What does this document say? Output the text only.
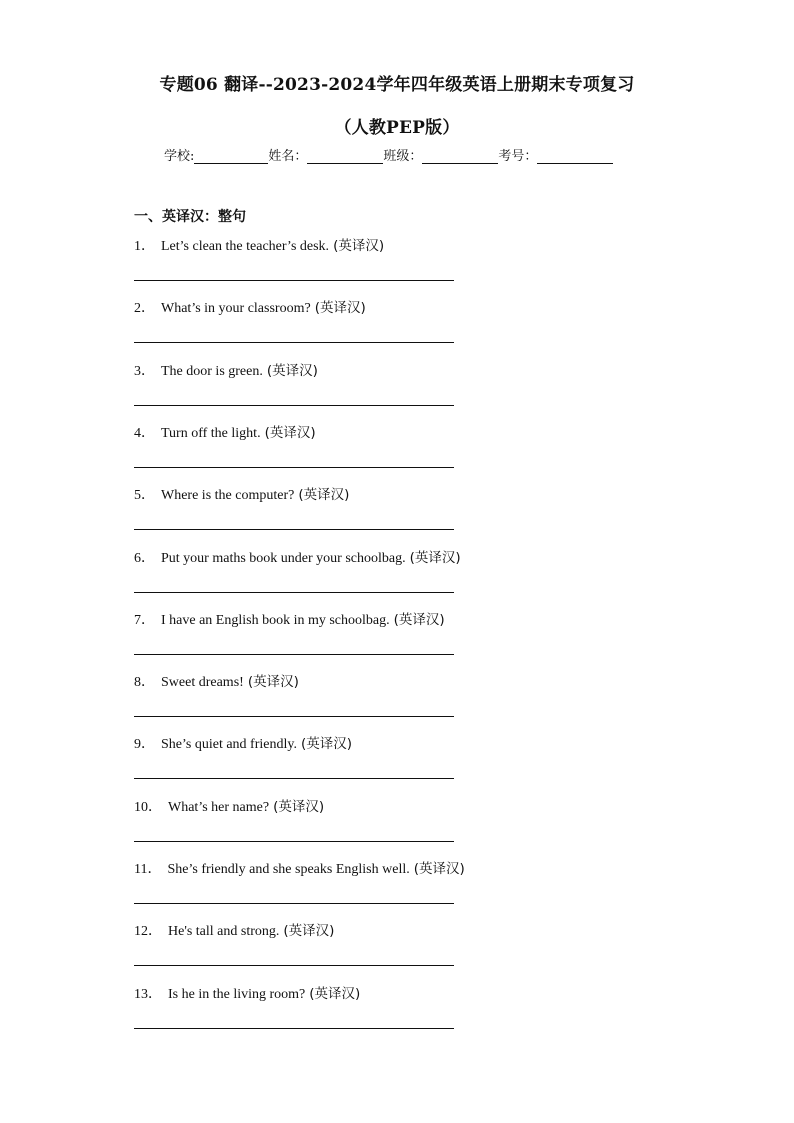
专题06 翻译--2023-2024学年四年级英语上册期末专项复习
（人教PEP版）
学校:	姓名：	班级：	考号：
一、英译汉：整句
1． Let’s clean the teacher’s desk. (英译汉)
2． What’s in your classroom? (英译汉)
3． The door is green. (英译汉)
4． Turn off the light. (英译汉)
5． Where is the computer? (英译汉)
6． Put your maths book under your schoolbag. (英译汉)
7． I have an English book in my schoolbag. (英译汉)
8． Sweet dreams! (英译汉)
9． She’s quiet and friendly. (英译汉)
10． What’s her name? (英译汉)
11． She’s friendly and she speaks English well. (英译汉)
12． He's tall and strong. (英译汉)
13． Is he in the living room? (英译汉)
